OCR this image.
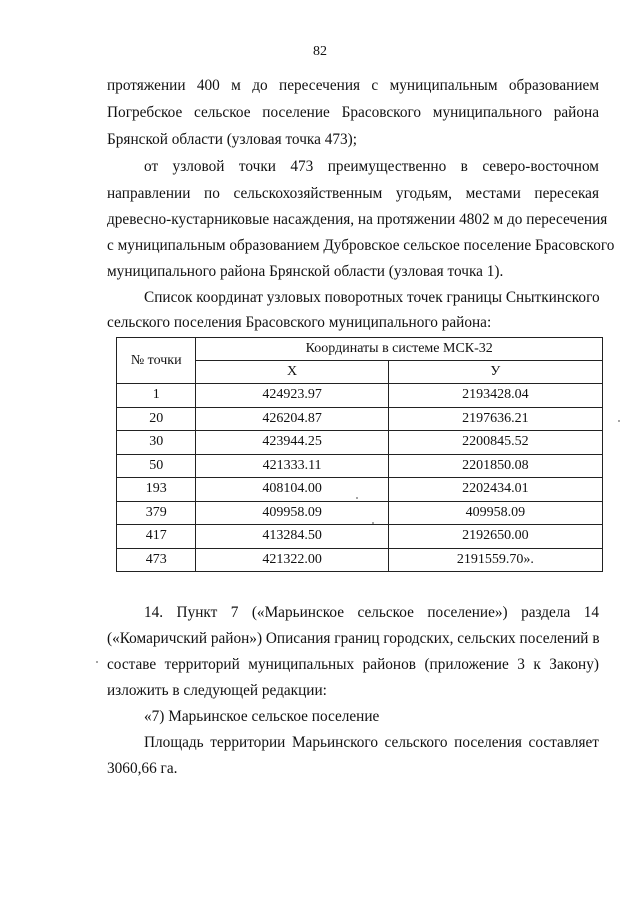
82
протяжении 400 м до пересечения с муниципальным образованием
Погребское сельское поселение Брасовского муниципального района
Брянской области (узловая точка 473);
от узловой точки 473 преимущественно в северо-восточном
направлении по сельскохозяйственным угодьям, местами пересекая
древесно-кустарниковые насаждения, на протяжении 4802 м до пересечения
с муниципальным образованием Дубровское сельское поселение Брасовского
муниципального района Брянской области (узловая точка 1).
Список координат узловых поворотных точек границы Сныткинского
сельского поселения Брасовского муниципального района:
№ точки	Координаты в системе МСК-32	
	Х	У
1	424923.97	2193428.04
20	426204.87	2197636.21
30	423944.25	2200845.52
50	421333.11	2201850.08
193	408104.00	2202434.01
379	409958.09	409958.09
417	413284.50	2192650.00
473	421322.00	2191559.70».
14. Пункт 7 («Марьинское сельское поселение») раздела 14
(«Комаричский район») Описания границ городских, сельских поселений в
составе территорий муниципальных районов (приложение 3 к Закону)
изложить в следующей редакции:
«7) Марьинское сельское поселение
Площадь территории Марьинского сельского поселения составляет
3060,66 га.
